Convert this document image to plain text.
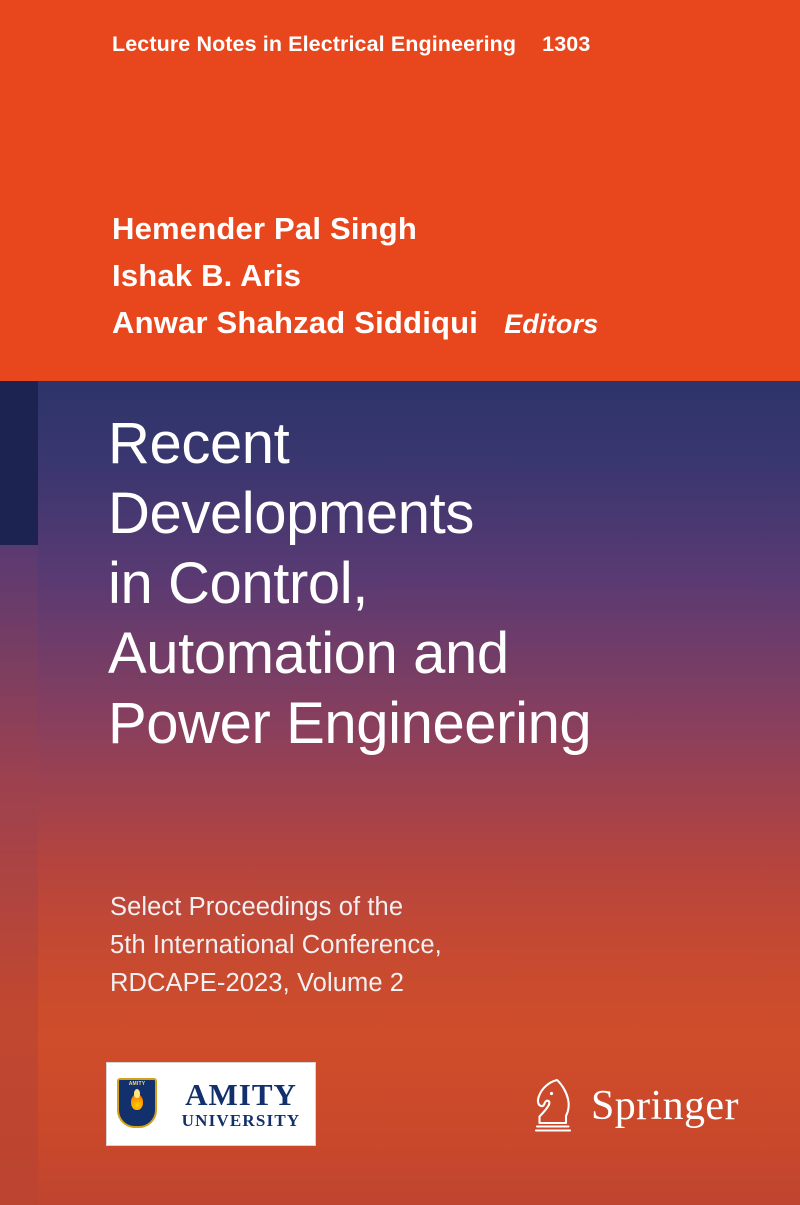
Lecture Notes in Electrical Engineering 1303
Hemender Pal Singh
Ishak B. Aris
Anwar Shahzad Siddiqui Editors
Recent
Developments
in Control,
Automation and
Power Engineering
Select Proceedings of the
5th International Conference,
RDCAPE-2023, Volume 2
AMITY	AMITY
UNIVERSITY	Springer
